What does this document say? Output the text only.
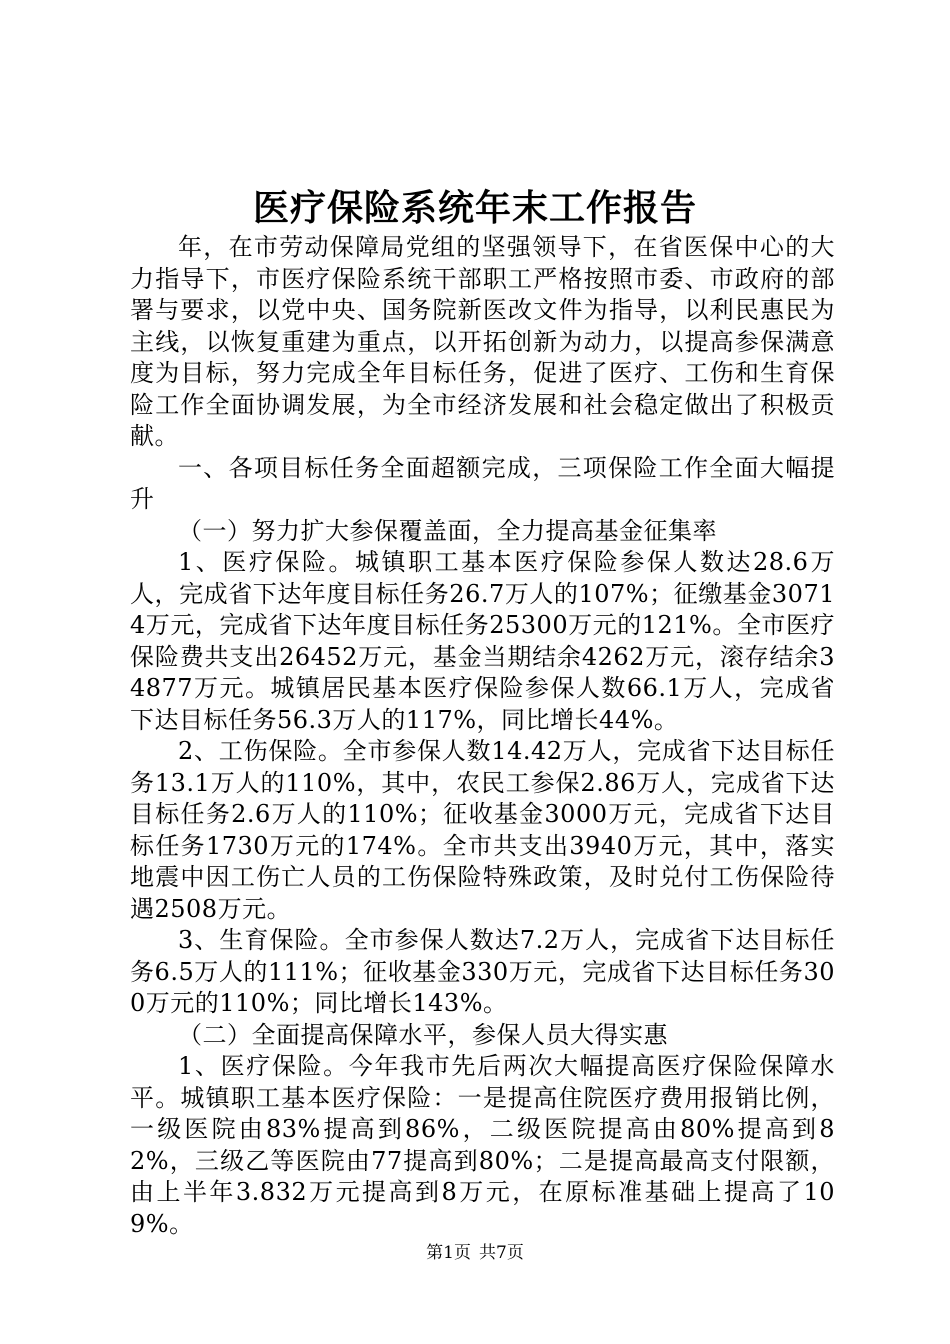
医疗保险系统年末工作报告

年，在市劳动保障局党组的坚强领导下，在省医保中心的大力指导下，市医疗保险系统干部职工严格按照市委、市政府的部署与要求，以党中央、国务院新医改文件为指导，以利民惠民为主线，以恢复重建为重点，以开拓创新为动力，以提高参保满意度为目标，努力完成全年目标任务，促进了医疗、工伤和生育保险工作全面协调发展，为全市经济发展和社会稳定做出了积极贡献。

一、各项目标任务全面超额完成，三项保险工作全面大幅提升

（一）努力扩大参保覆盖面，全力提高基金征集率

1、医疗保险。城镇职工基本医疗保险参保人数达28.6万人，完成省下达年度目标任务26.7万人的107%；征缴基金30714万元，完成省下达年度目标任务25300万元的121%。全市医疗保险费共支出26452万元，基金当期结余4262万元，滚存结余34877万元。城镇居民基本医疗保险参保人数66.1万人，完成省下达目标任务56.3万人的117%，同比增长44%。

2、工伤保险。全市参保人数14.42万人，完成省下达目标任务13.1万人的110%，其中，农民工参保2.86万人，完成省下达目标任务2.6万人的110%；征收基金3000万元，完成省下达目标任务1730万元的174%。全市共支出3940万元，其中，落实地震中因工伤亡人员的工伤保险特殊政策，及时兑付工伤保险待遇2508万元。

3、生育保险。全市参保人数达7.2万人，完成省下达目标任务6.5万人的111%；征收基金330万元，完成省下达目标任务300万元的110%；同比增长143%。

（二）全面提高保障水平，参保人员大得实惠

1、医疗保险。今年我市先后两次大幅提高医疗保险保障水平。城镇职工基本医疗保险：一是提高住院医疗费用报销比例，一级医院由83%提高到86%，二级医院提高由80%提高到82%，三级乙等医院由77提高到80%；二是提高最高支付限额，由上半年3.832万元提高到8万元，在原标准基础上提高了109%。

第1页 共7页
